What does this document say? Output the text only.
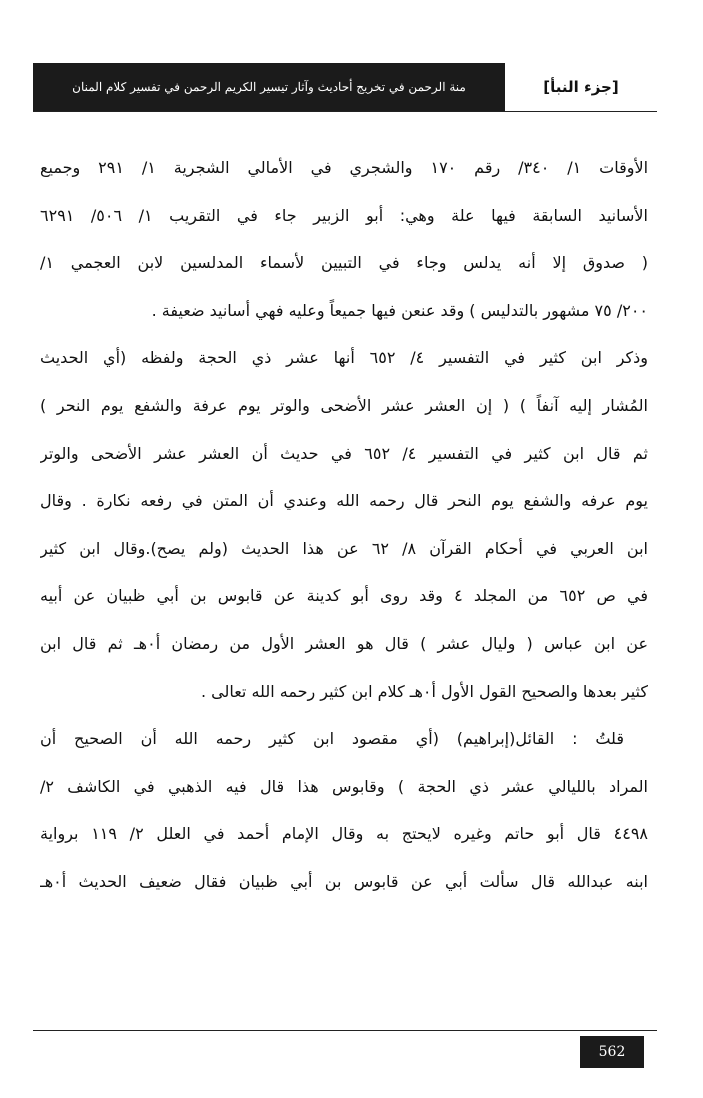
[جزء النبأ]
منة الرحمن في تخريج أحاديث وآثار تيسير الكريم الرحمن في تفسير كلام المنان
الأوقات ١/ ٣٤٠/ رقم ١٧٠ والشجري في الأمالي الشجرية ١/ ٢٩١ وجميع
الأسانيد السابقة فيها علة وهي: أبو الزبير جاء في التقريب ١/ ٥٠٦/ ٦٢٩١
( صدوق إلا أنه يدلس وجاء في التبيين لأسماء المدلسين لابن العجمي ١/
٢٠٠/ ٧٥ مشهور بالتدليس ) وقد عنعن فيها جميعاً وعليه فهي أسانيد ضعيفة .
وذكر ابن كثير في التفسير ٤/ ٦٥٢ أنها عشر ذي الحجة ولفظه (أي الحديث
المُشار إليه آنفاً ) ( إن العشر عشر الأضحى والوتر يوم عرفة والشفع يوم النحر )
ثم قال ابن كثير في التفسير ٤/ ٦٥٢ في حديث أن العشر عشر الأضحى والوتر
يوم عرفه والشفع يوم النحر قال رحمه الله وعندي أن المتن في رفعه نكارة . وقال
ابن العربي في أحكام القرآن ٨/ ٦٢ عن هذا الحديث (ولم يصح).وقال ابن كثير
في ص ٦٥٢ من المجلد ٤ وقد روى أبو كدينة عن قابوس بن أبي ظبيان عن أبيه
عن ابن عباس ( وليال عشر ) قال هو العشر الأول من رمضان أ٠هـ ثم قال ابن
كثير بعدها والصحيح القول الأول أ٠هـ كلام ابن كثير رحمه الله تعالى .
قلتُ : القائل(إبراهيم) (أي مقصود ابن كثير رحمه الله أن الصحيح أن
المراد بالليالي عشر ذي الحجة ) وقابوس هذا قال فيه الذهبي في الكاشف ٢/
٤٤٩٨ قال أبو حاتم وغيره لايحتج به وقال الإمام أحمد في العلل ٢/ ١١٩ برواية
ابنه عبدالله قال سألت أبي عن قابوس بن أبي ظبيان فقال ضعيف الحديث أ٠هـ
562
